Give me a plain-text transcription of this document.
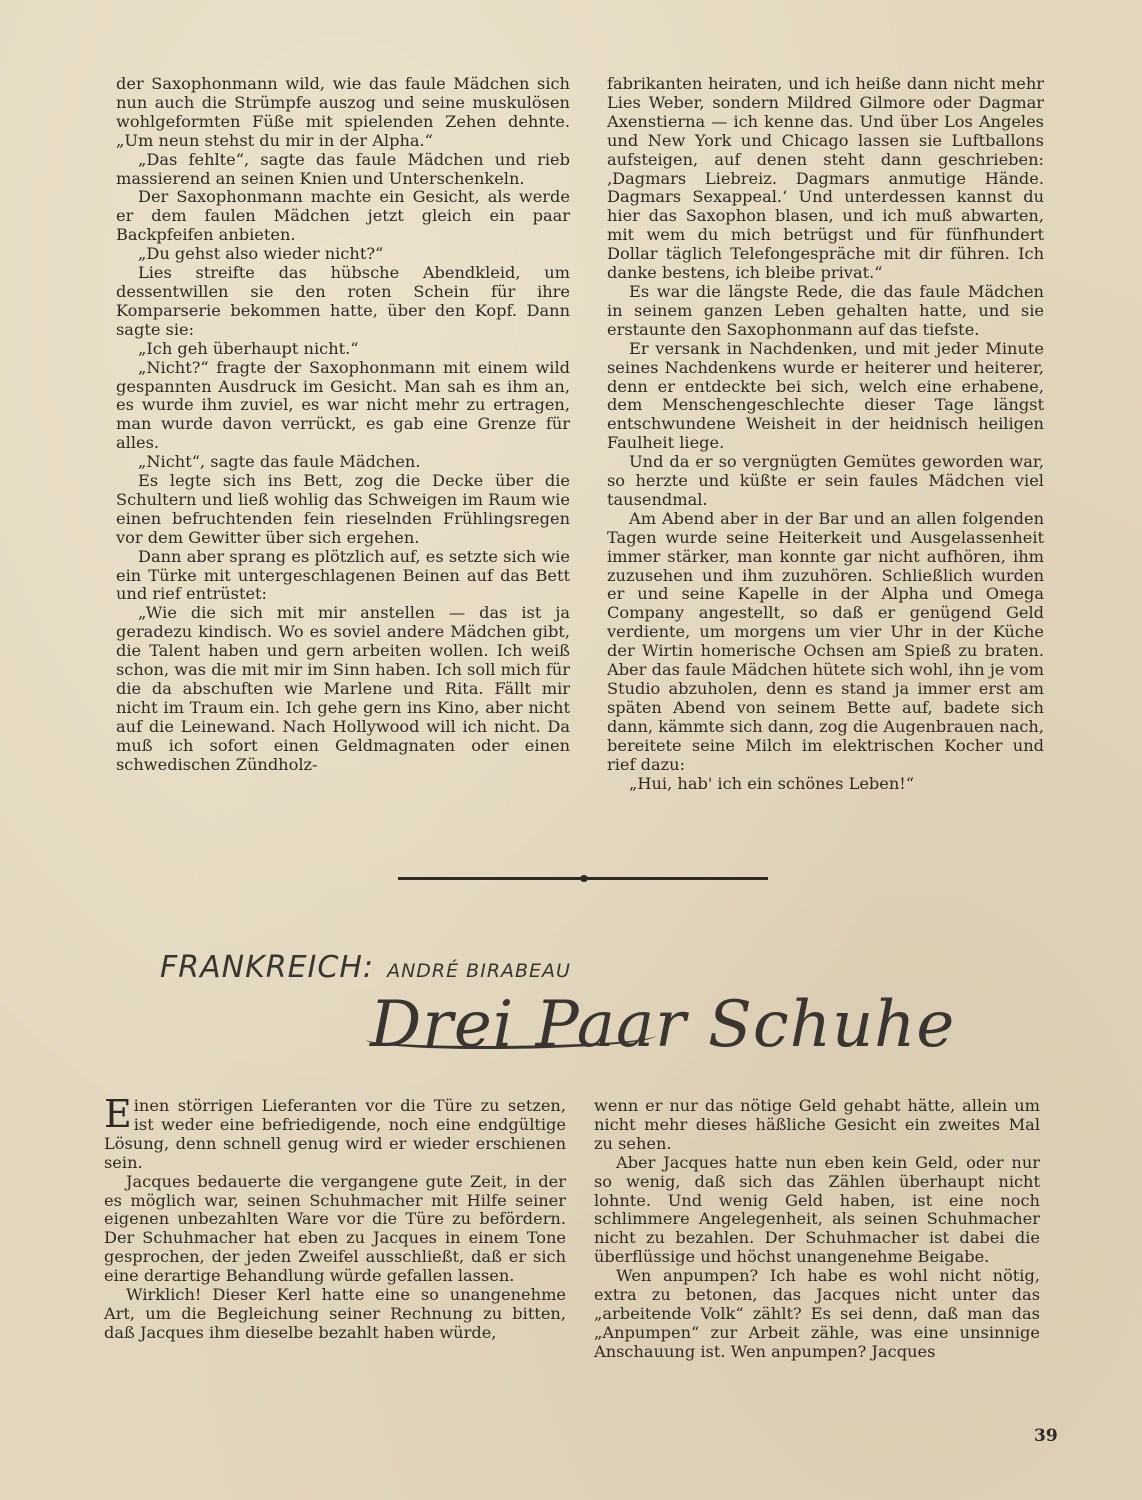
der Saxophonmann wild, wie das faule Mädchen sich nun auch die Strümpfe auszog und seine muskulösen wohlgeformten Füße mit spielenden Zehen dehnte. „Um neun stehst du mir in der Alpha.“

„Das fehlte“, sagte das faule Mädchen und rieb massierend an seinen Knien und Unterschenkeln.

Der Saxophonmann machte ein Gesicht, als werde er dem faulen Mädchen jetzt gleich ein paar Backpfeifen anbieten.

„Du gehst also wieder nicht?“

Lies streifte das hübsche Abendkleid, um dessentwillen sie den roten Schein für ihre Komparserie bekommen hatte, über den Kopf. Dann sagte sie:

„Ich geh überhaupt nicht.“

„Nicht?“ fragte der Saxophonmann mit einem wild gespannten Ausdruck im Gesicht. Man sah es ihm an, es wurde ihm zuviel, es war nicht mehr zu ertragen, man wurde davon verrückt, es gab eine Grenze für alles.

„Nicht“, sagte das faule Mädchen.

Es legte sich ins Bett, zog die Decke über die Schultern und ließ wohlig das Schweigen im Raum wie einen befruchtenden fein rieselnden Frühlingsregen vor dem Gewitter über sich ergehen.

Dann aber sprang es plötzlich auf, es setzte sich wie ein Türke mit untergeschlagenen Beinen auf das Bett und rief entrüstet:

„Wie die sich mit mir anstellen — das ist ja geradezu kindisch. Wo es soviel andere Mädchen gibt, die Talent haben und gern arbeiten wollen. Ich weiß schon, was die mit mir im Sinn haben. Ich soll mich für die da abschuften wie Marlene und Rita. Fällt mir nicht im Traum ein. Ich gehe gern ins Kino, aber nicht auf die Leinewand. Nach Hollywood will ich nicht. Da muß ich sofort einen Geldmagnaten oder einen schwedischen Zündholz-

fabrikanten heiraten, und ich heiße dann nicht mehr Lies Weber, sondern Mildred Gilmore oder Dagmar Axenstierna — ich kenne das. Und über Los Angeles und New York und Chicago lassen sie Luftballons aufsteigen, auf denen steht dann geschrieben: ‚Dagmars Liebreiz. Dagmars anmutige Hände. Dagmars Sexappeal.‘ Und unterdessen kannst du hier das Saxophon blasen, und ich muß abwarten, mit wem du mich betrügst und für fünfhundert Dollar täglich Telefongespräche mit dir führen. Ich danke bestens, ich bleibe privat.“

Es war die längste Rede, die das faule Mädchen in seinem ganzen Leben gehalten hatte, und sie erstaunte den Saxophonmann auf das tiefste.

Er versank in Nachdenken, und mit jeder Minute seines Nachdenkens wurde er heiterer und heiterer, denn er entdeckte bei sich, welch eine erhabene, dem Menschengeschlechte dieser Tage längst entschwundene Weisheit in der heidnisch heiligen Faulheit liege.

Und da er so vergnügten Gemütes geworden war, so herzte und küßte er sein faules Mädchen viel tausendmal.

Am Abend aber in der Bar und an allen folgenden Tagen wurde seine Heiterkeit und Ausgelassenheit immer stärker, man konnte gar nicht aufhören, ihm zuzusehen und ihm zuzuhören. Schließlich wurden er und seine Kapelle in der Alpha und Omega Company angestellt, so daß er genügend Geld verdiente, um morgens um vier Uhr in der Küche der Wirtin homerische Ochsen am Spieß zu braten. Aber das faule Mädchen hütete sich wohl, ihn je vom Studio abzuholen, denn es stand ja immer erst am späten Abend von seinem Bette auf, badete sich dann, kämmte sich dann, zog die Augenbrauen nach, bereitete seine Milch im elektrischen Kocher und rief dazu:

„Hui, hab' ich ein schönes Leben!“

FRANKREICH: ANDRÉ BIRABEAU
Drei Paar Schuhe

Einen störrigen Lieferanten vor die Türe zu setzen, ist weder eine befriedigende, noch eine endgültige Lösung, denn schnell genug wird er wieder erschienen sein.

Jacques bedauerte die vergangene gute Zeit, in der es möglich war, seinen Schuhmacher mit Hilfe seiner eigenen unbezahlten Ware vor die Türe zu befördern. Der Schuhmacher hat eben zu Jacques in einem Tone gesprochen, der jeden Zweifel ausschließt, daß er sich eine derartige Behandlung würde gefallen lassen.

Wirklich! Dieser Kerl hatte eine so unangenehme Art, um die Begleichung seiner Rechnung zu bitten, daß Jacques ihm dieselbe bezahlt haben würde,

wenn er nur das nötige Geld gehabt hätte, allein um nicht mehr dieses häßliche Gesicht ein zweites Mal zu sehen.

Aber Jacques hatte nun eben kein Geld, oder nur so wenig, daß sich das Zählen überhaupt nicht lohnte. Und wenig Geld haben, ist eine noch schlimmere Angelegenheit, als seinen Schuhmacher nicht zu bezahlen. Der Schuhmacher ist dabei die überflüssige und höchst unangenehme Beigabe.

Wen anpumpen? Ich habe es wohl nicht nötig, extra zu betonen, das Jacques nicht unter das „arbeitende Volk“ zählt? Es sei denn, daß man das „Anpumpen“ zur Arbeit zähle, was eine unsinnige Anschauung ist. Wen anpumpen? Jacques

39
